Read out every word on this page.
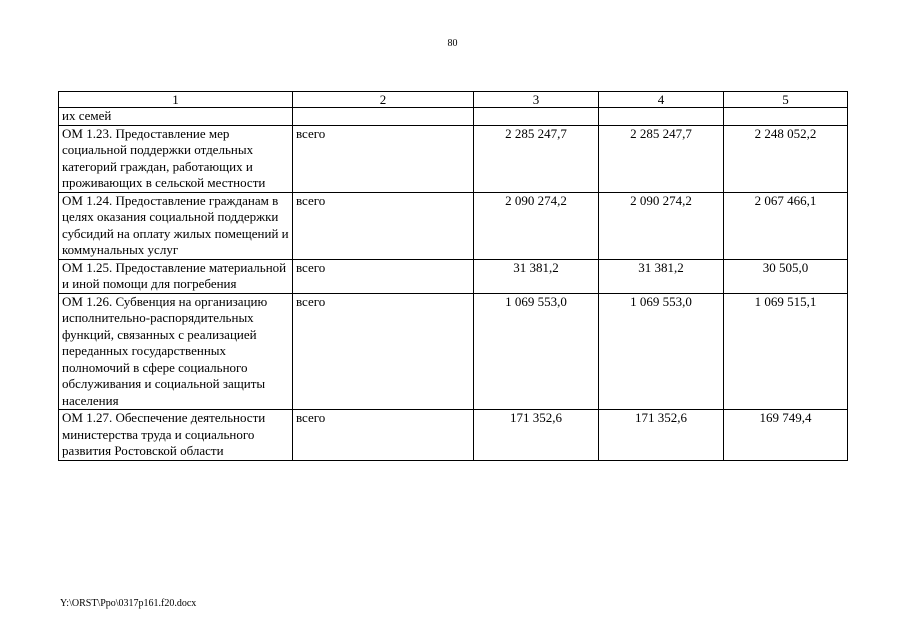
80
1	2	3	4	5
их семей				
ОМ 1.23. Предоставление мер социальной поддержки отдельных категорий граждан, работающих и проживающих в сельской местности	всего	2 285 247,7	2 285 247,7	2 248 052,2
ОМ 1.24. Предоставление гражданам в целях оказания социальной поддержки субсидий на оплату жилых помещений и коммунальных услуг	всего	2 090 274,2	2 090 274,2	2 067 466,1
ОМ 1.25. Предоставление материальной и иной помощи для погребения	всего	31 381,2	31 381,2	30 505,0
ОМ 1.26. Субвенция на организацию исполнительно-распорядительных функций, связанных с реализацией переданных государственных полномочий в сфере социального обслуживания и социальной защиты населения	всего	1 069 553,0	1 069 553,0	1 069 515,1
ОМ 1.27. Обеспечение деятельности министерства труда и социального развития Ростовской области	всего	171 352,6	171 352,6	169 749,4
Y:\ORST\Ppo\0317p161.f20.docx
